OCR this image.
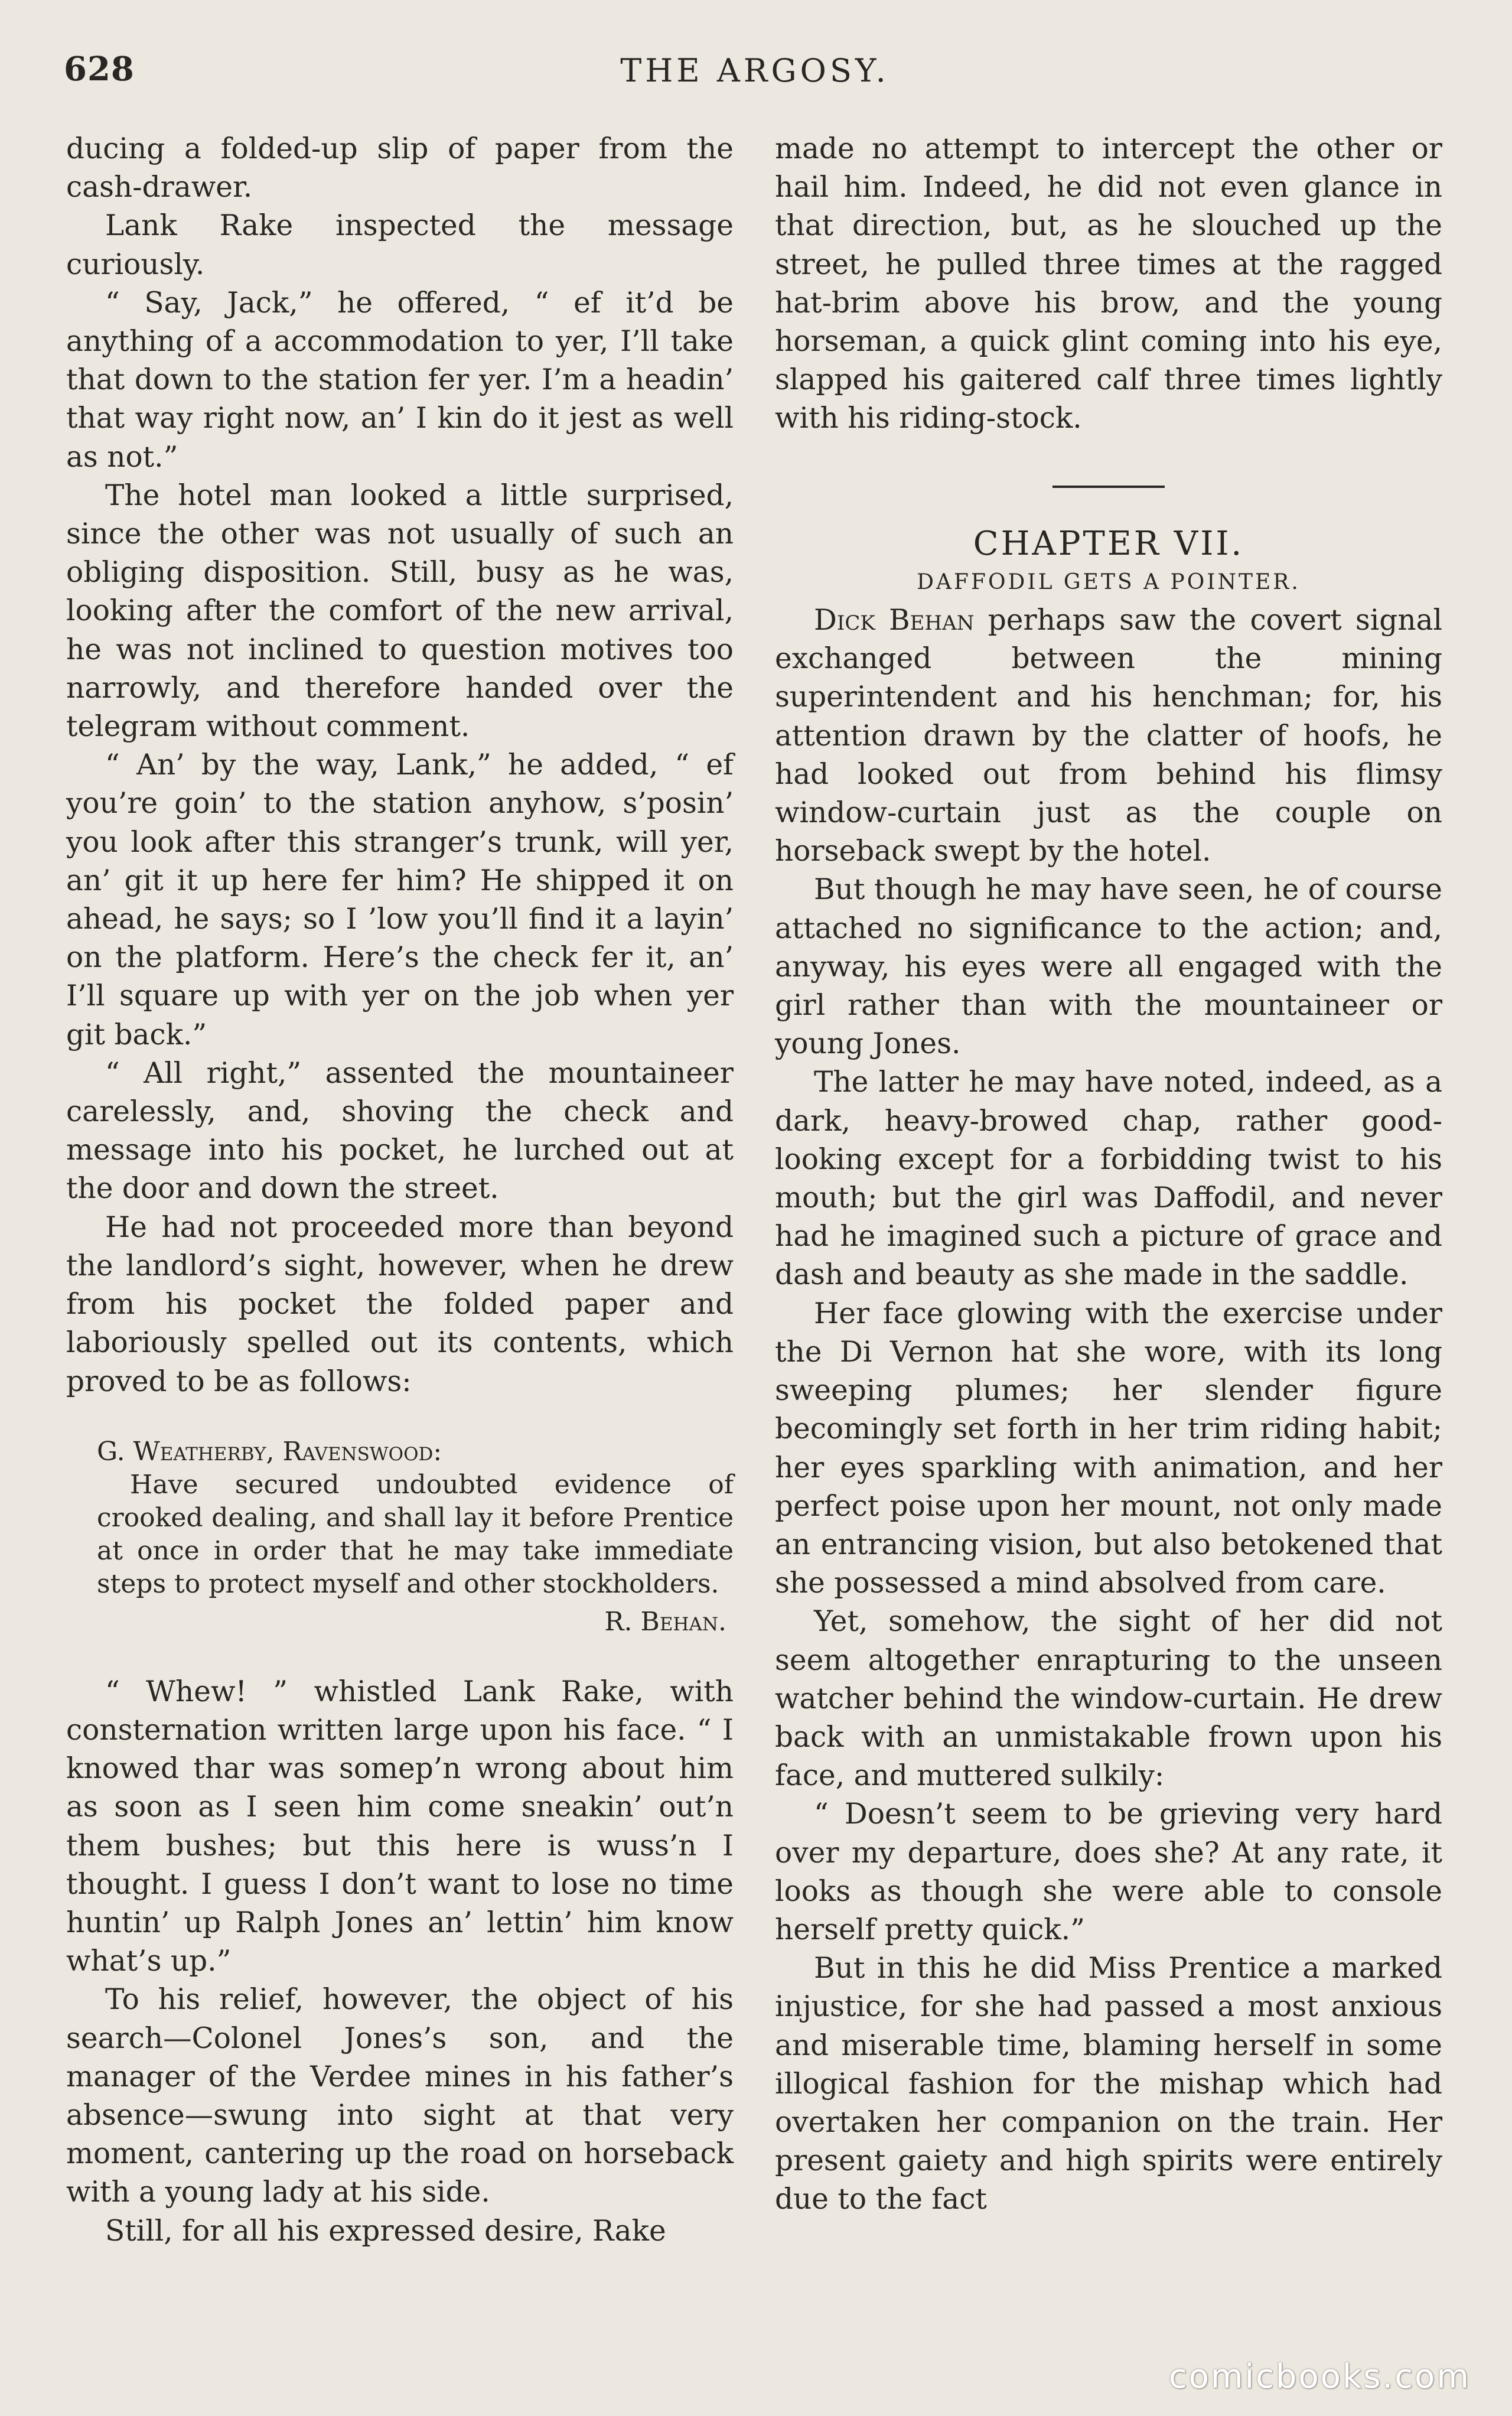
628	THE ARGOSY.

ducing a folded-up slip of paper from the cash-drawer.

Lank Rake inspected the message curiously.

“ Say, Jack,” he offered, “ ef it’d be anything of a accommodation to yer, I’ll take that down to the station fer yer. I’m a headin’ that way right now, an’ I kin do it jest as well as not.”

The hotel man looked a little surprised, since the other was not usually of such an obliging disposition. Still, busy as he was, looking after the comfort of the new arrival, he was not inclined to question motives too narrowly, and therefore handed over the telegram without comment.

“ An’ by the way, Lank,” he added, “ ef you’re goin’ to the station anyhow, s’posin’ you look after this stranger’s trunk, will yer, an’ git it up here fer him? He shipped it on ahead, he says; so I ’low you’ll find it a layin’ on the platform. Here’s the check fer it, an’ I’ll square up with yer on the job when yer git back.”

“ All right,” assented the mountaineer carelessly, and, shoving the check and message into his pocket, he lurched out at the door and down the street.

He had not proceeded more than beyond the landlord’s sight, however, when he drew from his pocket the folded paper and laboriously spelled out its contents, which proved to be as follows:

G. Weatherby, Ravenswood:

Have secured undoubted evidence of crooked dealing, and shall lay it before Prentice at once in order that he may take immediate steps to protect myself and other stockholders.

R. Behan.

“ Whew! ” whistled Lank Rake, with consternation written large upon his face. “ I knowed thar was somep’n wrong about him as soon as I seen him come sneakin’ out’n them bushes; but this here is wuss’n I thought. I guess I don’t want to lose no time huntin’ up Ralph Jones an’ lettin’ him know what’s up.”

To his relief, however, the object of his search—Colonel Jones’s son, and the manager of the Verdee mines in his father’s absence—swung into sight at that very moment, cantering up the road on horseback with a young lady at his side.

Still, for all his expressed desire, Rake

made no attempt to intercept the other or hail him. Indeed, he did not even glance in that direction, but, as he slouched up the street, he pulled three times at the ragged hat-brim above his brow, and the young horseman, a quick glint coming into his eye, slapped his gaitered calf three times lightly with his riding-stock.

CHAPTER VII.

DAFFODIL GETS A POINTER.

Dick Behan perhaps saw the covert signal exchanged between the mining superintendent and his henchman; for, his attention drawn by the clatter of hoofs, he had looked out from behind his flimsy window-curtain just as the couple on horseback swept by the hotel.

But though he may have seen, he of course attached no significance to the action; and, anyway, his eyes were all engaged with the girl rather than with the mountaineer or young Jones.

The latter he may have noted, indeed, as a dark, heavy-browed chap, rather good-looking except for a forbidding twist to his mouth; but the girl was Daffodil, and never had he imagined such a picture of grace and dash and beauty as she made in the saddle.

Her face glowing with the exercise under the Di Vernon hat she wore, with its long sweeping plumes; her slender figure becomingly set forth in her trim riding habit; her eyes sparkling with animation, and her perfect poise upon her mount, not only made an entrancing vision, but also betokened that she possessed a mind absolved from care.

Yet, somehow, the sight of her did not seem altogether enrapturing to the unseen watcher behind the window-curtain. He drew back with an unmistakable frown upon his face, and muttered sulkily:

“ Doesn’t seem to be grieving very hard over my departure, does she? At any rate, it looks as though she were able to console herself pretty quick.”

But in this he did Miss Prentice a marked injustice, for she had passed a most anxious and miserable time, blaming herself in some illogical fashion for the mishap which had overtaken her companion on the train. Her present gaiety and high spirits were entirely due to the fact

comicbooks.com
